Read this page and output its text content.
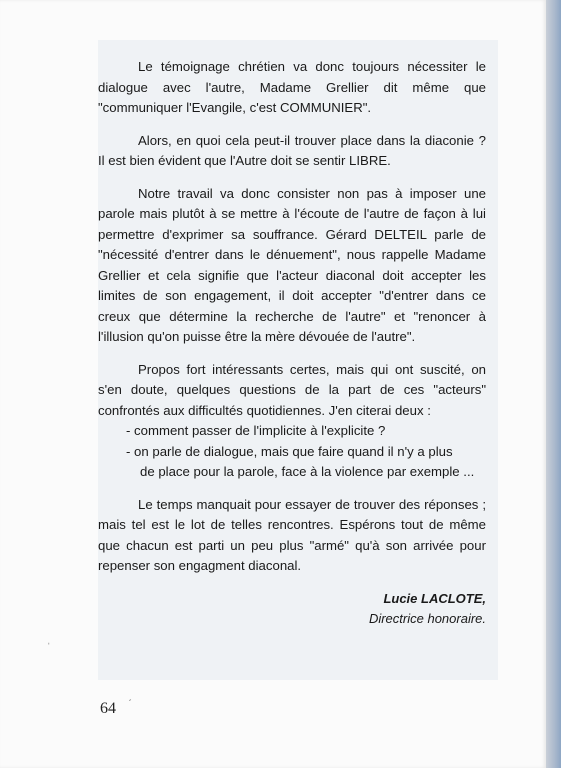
Le témoignage chrétien va donc toujours nécessiter le
dialogue avec l'autre, Madame Grellier dit même que
"communiquer l'Evangile, c'est COMMUNIER".

Alors, en quoi cela peut-il trouver place dans la diaconie ?
Il est bien évident que l'Autre doit se sentir LIBRE.

Notre travail va donc consister non pas à imposer une
parole mais plutôt à se mettre à l'écoute de l'autre de façon à lui
permettre d'exprimer sa souffrance. Gérard DELTEIL parle de
"nécessité d'entrer dans le dénuement", nous rappelle Madame
Grellier et cela signifie que l'acteur diaconal doit accepter les
limites de son engagement, il doit accepter "d'entrer dans ce
creux que détermine la recherche de l'autre" et "renoncer à
l'illusion qu'on puisse être la mère dévouée de l'autre".

Propos fort intéressants certes, mais qui ont suscité, on
s'en doute, quelques questions de la part de ces "acteurs"
confrontés aux difficultés quotidiennes. J'en citerai deux :
- comment passer de l'implicite à l'explicite ?
- on parle de dialogue, mais que faire quand il n'y a plus
de place pour la parole, face à la violence par exemple ...

Le temps manquait pour essayer de trouver des réponses ;
mais tel est le lot de telles rencontres. Espérons tout de même
que chacun est parti un peu plus "armé" qu'à son arrivée pour
repenser son engagment diaconal.

Lucie LACLOTE,
Directrice honoraire.
ˈ
ˏ
64
